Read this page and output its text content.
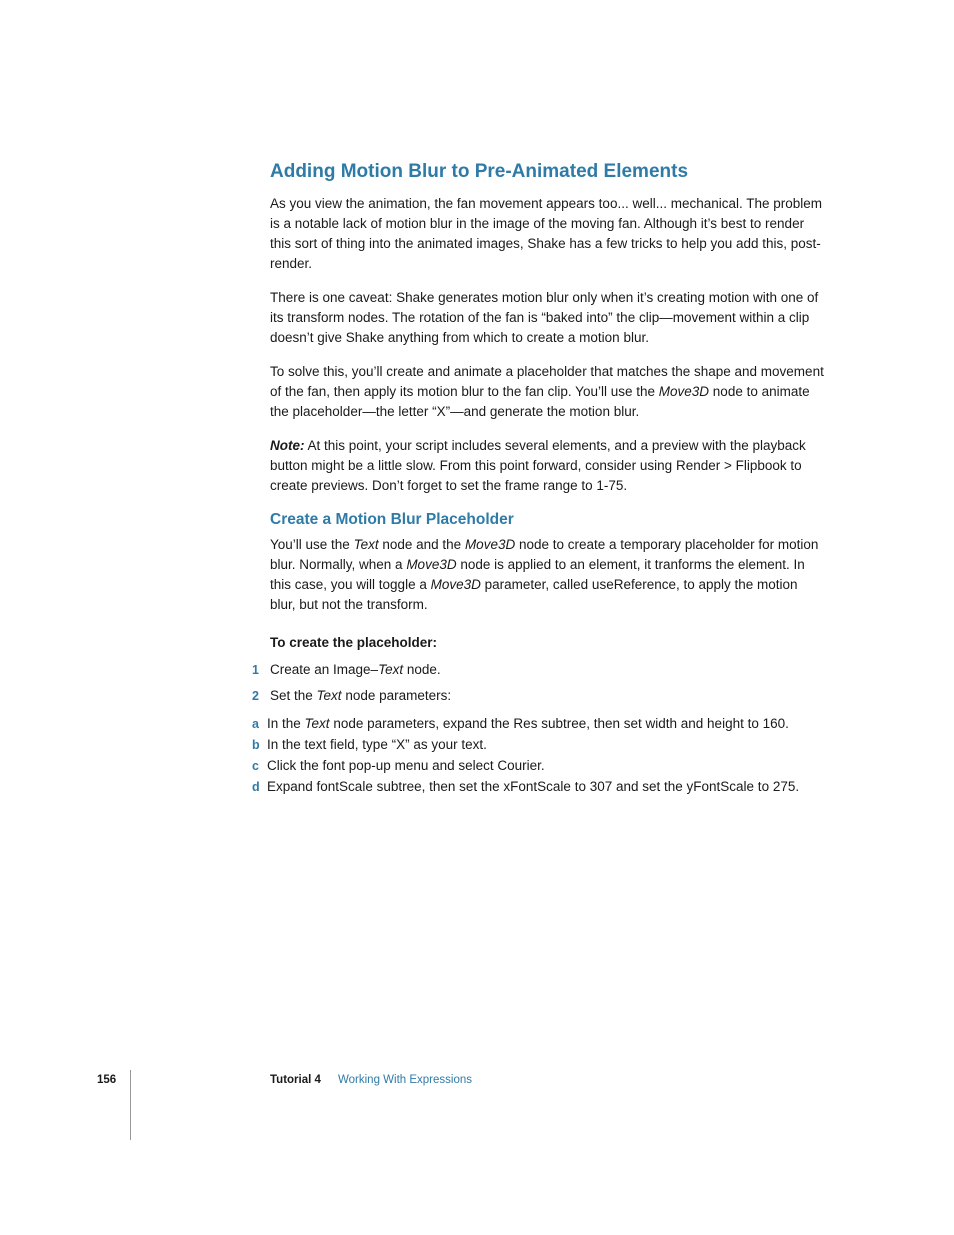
Adding Motion Blur to Pre-Animated Elements

As you view the animation, the fan movement appears too... well... mechanical. The problem is a notable lack of motion blur in the image of the moving fan. Although it’s best to render this sort of thing into the animated images, Shake has a few tricks to help you add this, post-render.

There is one caveat: Shake generates motion blur only when it’s creating motion with one of its transform nodes. The rotation of the fan is “baked into” the clip—movement within a clip doesn’t give Shake anything from which to create a motion blur.

To solve this, you’ll create and animate a placeholder that matches the shape and movement of the fan, then apply its motion blur to the fan clip. You’ll use the Move3D node to animate the placeholder—the letter “X”—and generate the motion blur.

Note: At this point, your script includes several elements, and a preview with the playback button might be a little slow. From this point forward, consider using Render > Flipbook to create previews. Don’t forget to set the frame range to 1-75.

Create a Motion Blur Placeholder

You’ll use the Text node and the Move3D node to create a temporary placeholder for motion blur. Normally, when a Move3D node is applied to an element, it tranforms the element. In this case, you will toggle a Move3D parameter, called useReference, to apply the motion blur, but not the transform.

To create the placeholder:
1 Create an Image–Text node.
2 Set the Text node parameters:
a In the Text node parameters, expand the Res subtree, then set width and height to 160.
b In the text field, type “X” as your text.
c Click the font pop-up menu and select Courier.
d Expand fontScale subtree, then set the xFontScale to 307 and set the yFontScale to 275.
156	Tutorial 4 Working With Expressions
